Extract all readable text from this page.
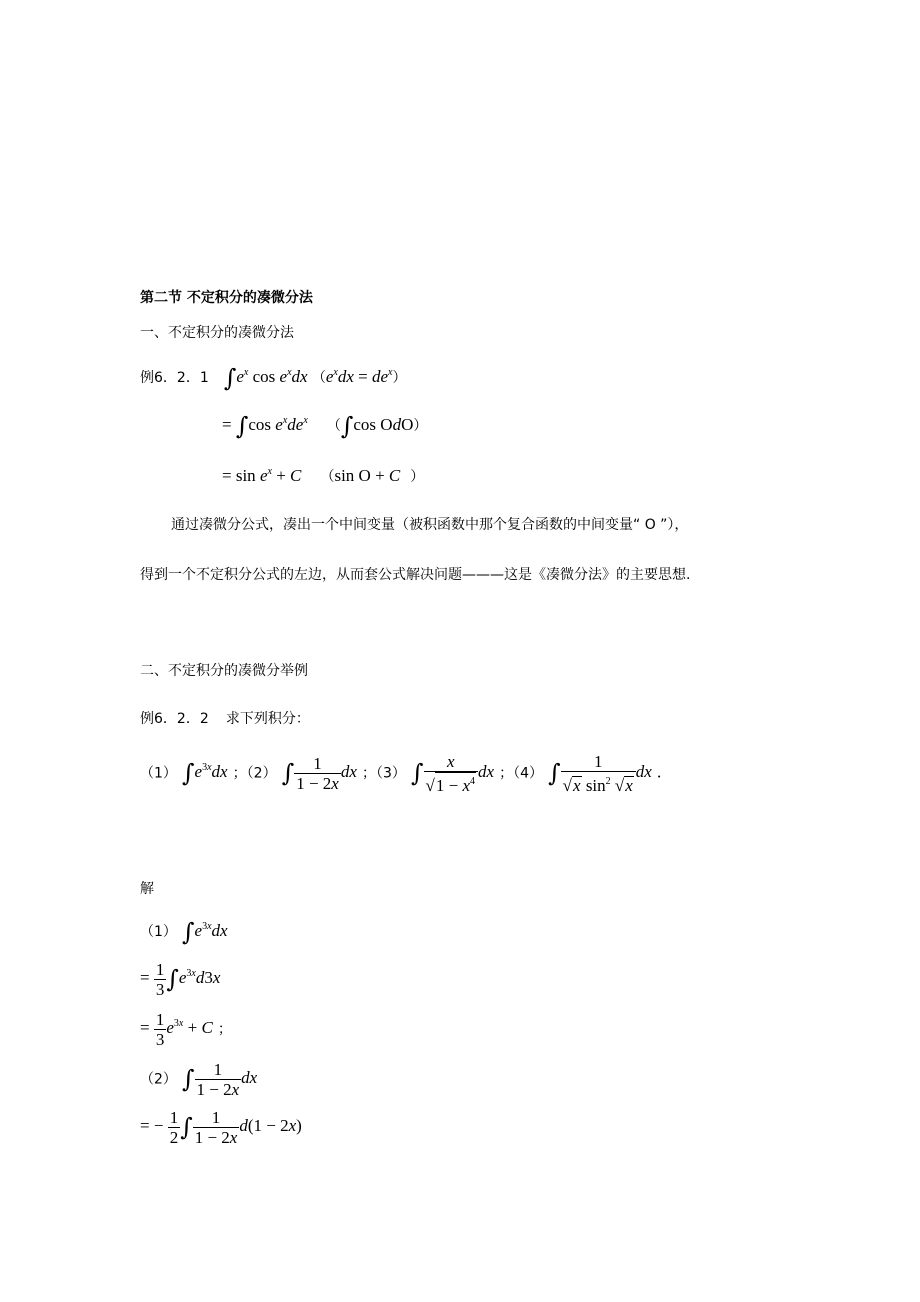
第二节 不定积分的凑微分法
一、不定积分的凑微分法
例6．2．1 $\int e^x$ $\cos e^xdx$ $(e^xdx = de^x)$
= ∫cos $e^xde^x$ （∫cos OdO）
= $\sin e^x + C$ （sin O + C ）
通过凑微分公式，凑出一个中间变量（被积函数中那个复合函数的中间变量“ O ”），
得到一个不定积分公式的左边，从而套公式解决问题———这是《凑微分法》的主要思想.
二、不定积分的凑微分举例
例6．2．2 求下列积分：
（1） $\int e^{3x}dx$ ；（2） ∫ $\frac{1}{1 - 2x}$ dx ；（3） ∫ $\frac{x}{√1 - x^4}$ dx ；（4） ∫ $\frac{1}{√x \sin^2 √x}$ dx .
解
（1） $\int e^{3x}dx$
= $\frac{1}{3} \int e^{3x}d3x$
= $\frac{1}{3} e^{3x} + C$ ；
（2） ∫ $\frac{1}{1 - 2x}$ dx
= − $\frac{1}{2}$ ∫ $\frac{1}{1 - 2x} d(1 - 2x)$
